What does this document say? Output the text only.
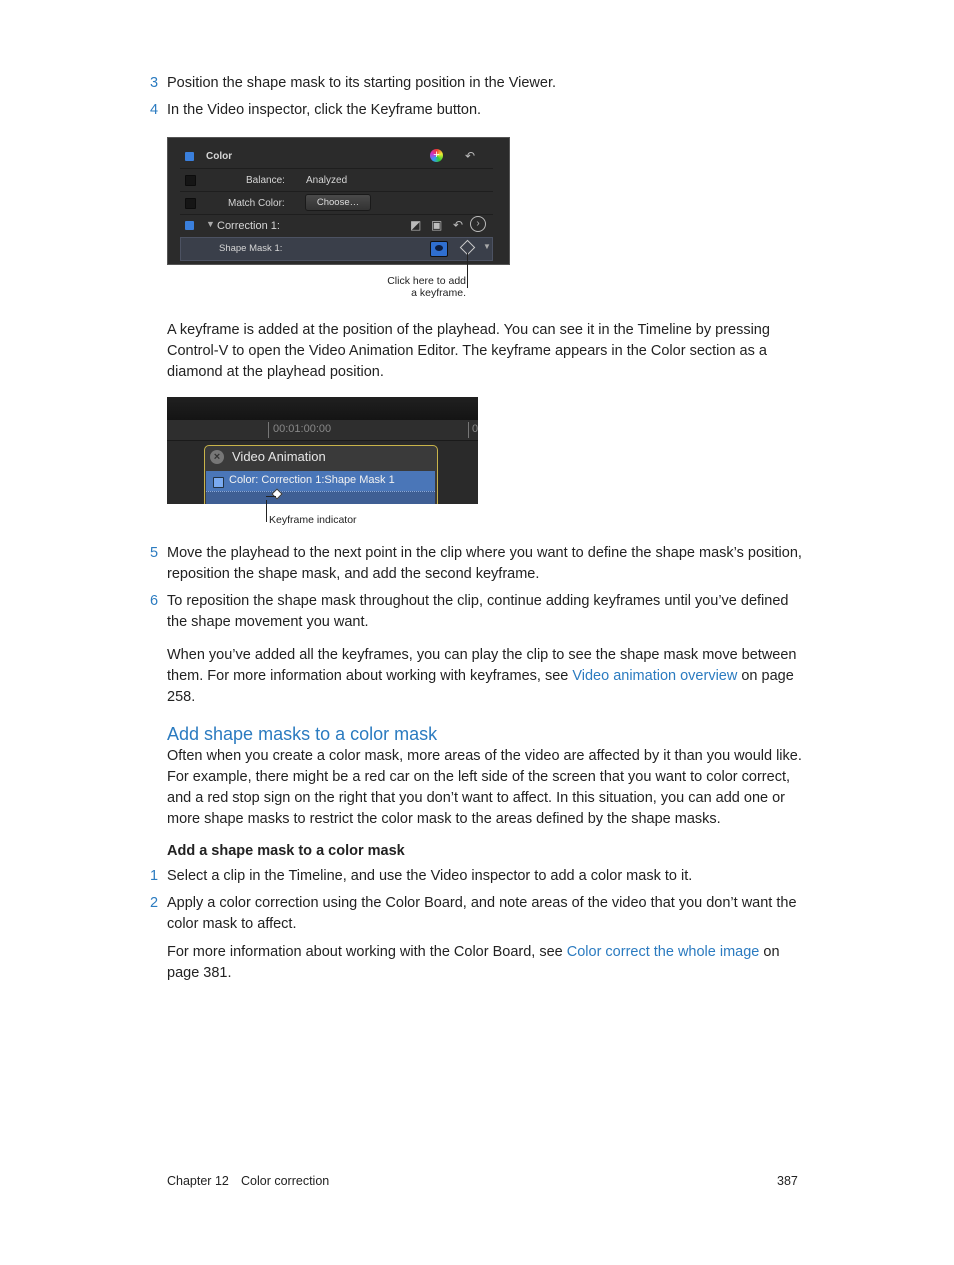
3 Position the shape mask to its starting position in the Viewer.
4 In the Video inspector, click the Keyframe button.
Color	+ ↶
Balance: Analyzed
Match Color:	Choose…
▼ Correction 1:	◩ ▣ ↶	›
Shape Mask 1:	▼
Click here to add
a keyframe.
A keyframe is added at the position of the playhead. You can see it in the Timeline by pressing Control-V to open the Video Animation Editor. The keyframe appears in the Color section as a diamond at the playhead position.
00:01:00:00	0
× Video Animation
Color: Correction 1:Shape Mask 1
Keyframe indicator
5 Move the playhead to the next point in the clip where you want to define the shape mask’s position, reposition the shape mask, and add the second keyframe.
6 To reposition the shape mask throughout the clip, continue adding keyframes until you’ve defined the shape movement you want.
When you’ve added all the keyframes, you can play the clip to see the shape mask move between them. For more information about working with keyframes, see Video animation overview on page 258.
Add shape masks to a color mask
Often when you create a color mask, more areas of the video are affected by it than you would like. For example, there might be a red car on the left side of the screen that you want to color correct, and a red stop sign on the right that you don’t want to affect. In this situation, you can add one or more shape masks to restrict the color mask to the areas defined by the shape masks.
Add a shape mask to a color mask
1 Select a clip in the Timeline, and use the Video inspector to add a color mask to it.
2 Apply a color correction using the Color Board, and note areas of the video that you don’t want the color mask to affect.
For more information about working with the Color Board, see Color correct the whole image on page 381.
Chapter 12 Color correction	387
